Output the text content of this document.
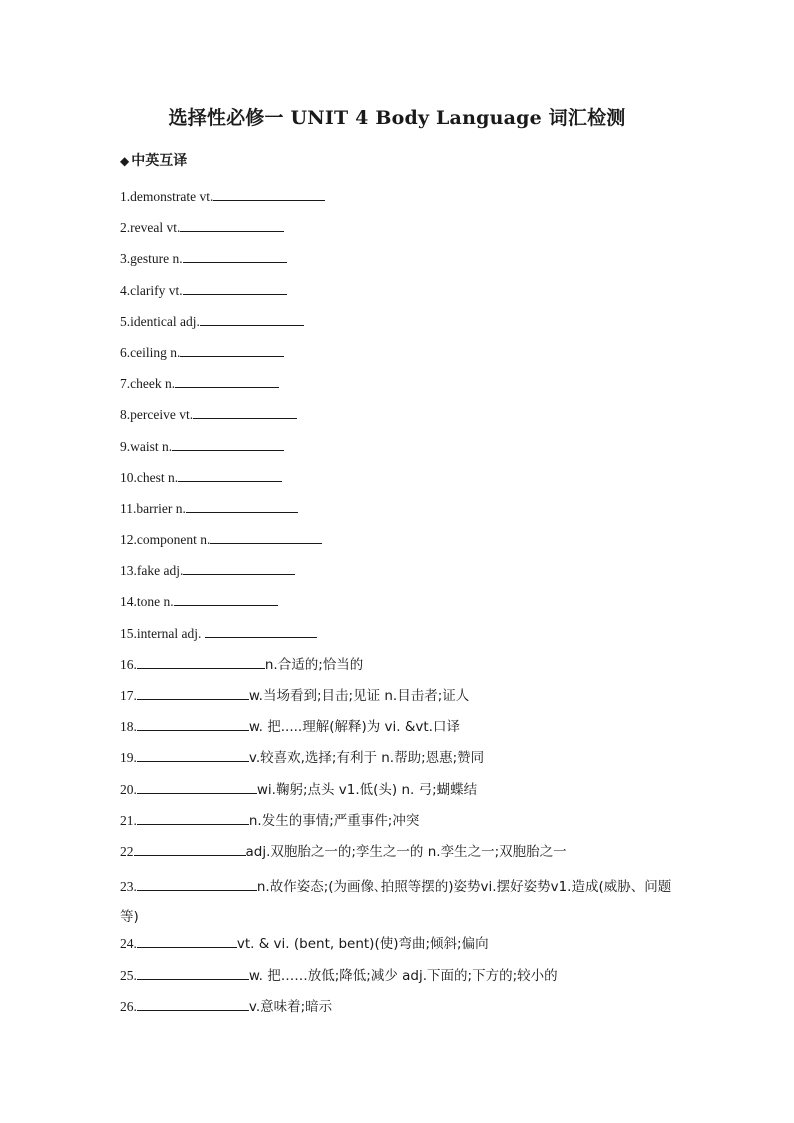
选择性必修一 UNIT 4 Body Language 词汇检测
◆ 中英互译
1.demonstrate vt.
2.reveal vt.
3.gesture n.
4.clarify vt.
5.identical adj.
6.ceiling n.
7.cheek n.
8.perceive vt.
9.waist n.
10.chest n.
11.barrier n.
12.component n.
13.fake adj.
14.tone n.
15.internal adj.
16.	n.合适的;恰当的
17.	w.当场看到;目击;见证 n.目击者;证人
18.	w. 把.....理解(解释)为 vi. &vt.口译
19.	v.较喜欢,选择;有利于 n.帮助;恩惠;赞同
20.	wi.鞠躬;点头 v1.低(头) n. 弓;蝴蝶结
21.	n.发生的事情;严重事件;冲突
22	adj.双胞胎之一的;孪生之一的 n.孪生之一;双胞胎之一
23.	n.故作姿态;(为画像､拍照等摆的)姿势vi.摆好姿势v1.造成(威胁、问题等)
24.	vt. & vi. (bent, bent)(使)弯曲;倾斜;偏向
25.	w. 把……放低;降低;减少 adj.下面的;下方的;较小的
26.	v.意味着;暗示
